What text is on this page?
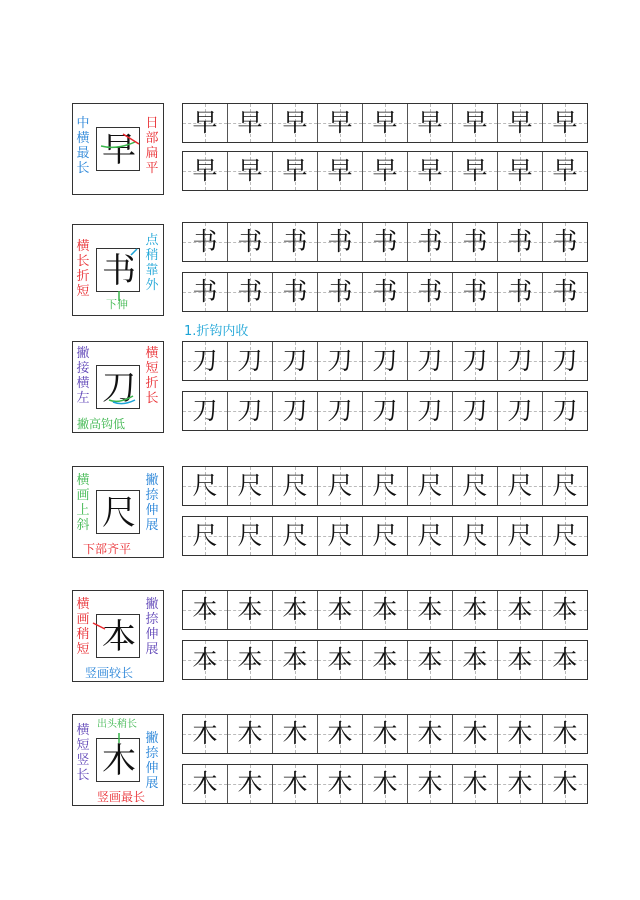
中横最长
日部扁平
早
早 早 早 早 早 早 早 早 早
早 早 早 早 早 早 早 早 早
横长折短
点稍靠外
书
下伸
书 书 书 书 书 书 书 书 书
书 书 书 书 书 书 书 书 书
1.折钩内收
撇接横左
横短折长
刀
撇高钩低
刀 刀 刀 刀 刀 刀 刀 刀 刀
刀 刀 刀 刀 刀 刀 刀 刀 刀
横画上斜
撇捺伸展
尺
下部齐平
尺 尺 尺 尺 尺 尺 尺 尺 尺
尺 尺 尺 尺 尺 尺 尺 尺 尺
横画稍短
撇捺伸展
本
竖画较长
本 本 本 本 本 本 本 本 本
本 本 本 本 本 本 本 本 本
横短竖长
撇捺伸展
出头稍长
木
竖画最长
木 木 木 木 木 木 木 木 木
木 木 木 木 木 木 木 木 木
